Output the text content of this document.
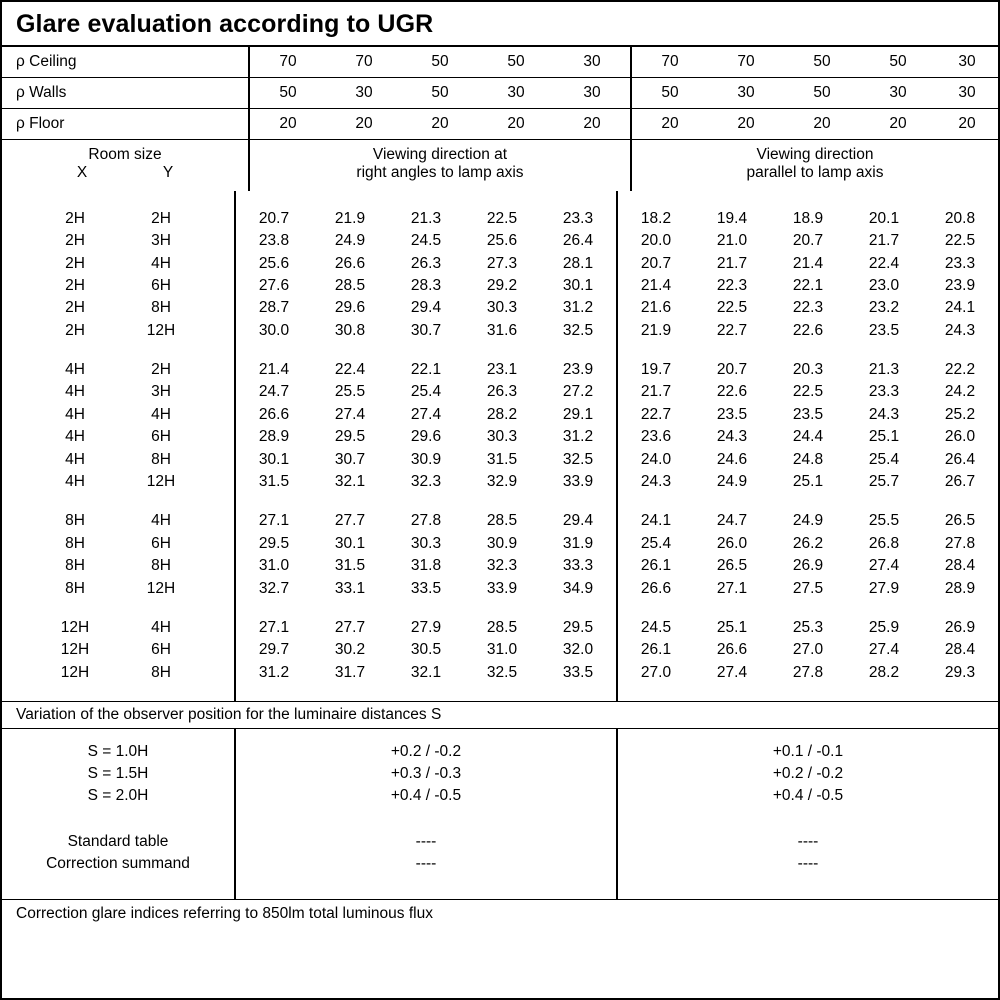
Glare evaluation according to UGR
ρ Ceiling	70	70	50	50	30	70	70	50	50	30
ρ Walls	50	30	50	30	30	50	30	50	30	30
ρ Floor	20	20	20	20	20	20	20	20	20	20

Room size
X Y	Viewing direction at
right angles to lamp axis					Viewing direction
parallel to lamp axis				

2H 2H	20.7	21.9	21.3	22.5	23.3	18.2	19.4	18.9	20.1	20.8
2H 3H	23.8	24.9	24.5	25.6	26.4	20.0	21.0	20.7	21.7	22.5
2H 4H	25.6	26.6	26.3	27.3	28.1	20.7	21.7	21.4	22.4	23.3
2H 6H	27.6	28.5	28.3	29.2	30.1	21.4	22.3	22.1	23.0	23.9
2H 8H	28.7	29.6	29.4	30.3	31.2	21.6	22.5	22.3	23.2	24.1
2H 12H	30.0	30.8	30.7	31.6	32.5	21.9	22.7	22.6	23.5	24.3

4H 2H	21.4	22.4	22.1	23.1	23.9	19.7	20.7	20.3	21.3	22.2
4H 3H	24.7	25.5	25.4	26.3	27.2	21.7	22.6	22.5	23.3	24.2
4H 4H	26.6	27.4	27.4	28.2	29.1	22.7	23.5	23.5	24.3	25.2
4H 6H	28.9	29.5	29.6	30.3	31.2	23.6	24.3	24.4	25.1	26.0
4H 8H	30.1	30.7	30.9	31.5	32.5	24.0	24.6	24.8	25.4	26.4
4H 12H	31.5	32.1	32.3	32.9	33.9	24.3	24.9	25.1	25.7	26.7

8H 4H	27.1	27.7	27.8	28.5	29.4	24.1	24.7	24.9	25.5	26.5
8H 6H	29.5	30.1	30.3	30.9	31.9	25.4	26.0	26.2	26.8	27.8
8H 8H	31.0	31.5	31.8	32.3	33.3	26.1	26.5	26.9	27.4	28.4
8H 12H	32.7	33.1	33.5	33.9	34.9	26.6	27.1	27.5	27.9	28.9

12H 4H	27.1	27.7	27.9	28.5	29.5	24.5	25.1	25.3	25.9	26.9
12H 6H	29.7	30.2	30.5	31.0	32.0	26.1	26.6	27.0	27.4	28.4
12H 8H	31.2	31.7	32.1	32.5	33.5	27.0	27.4	27.8	28.2	29.3

Variation of the observer position for the luminaire distances S

S = 1.0H	+0.2 / -0.2	+0.1 / -0.1
S = 1.5H	+0.3 / -0.3	+0.2 / -0.2
S = 2.0H	+0.4 / -0.5	+0.4 / -0.5

Standard table	----	----
Correction summand	----	----

Correction glare indices referring to 850lm total luminous flux
